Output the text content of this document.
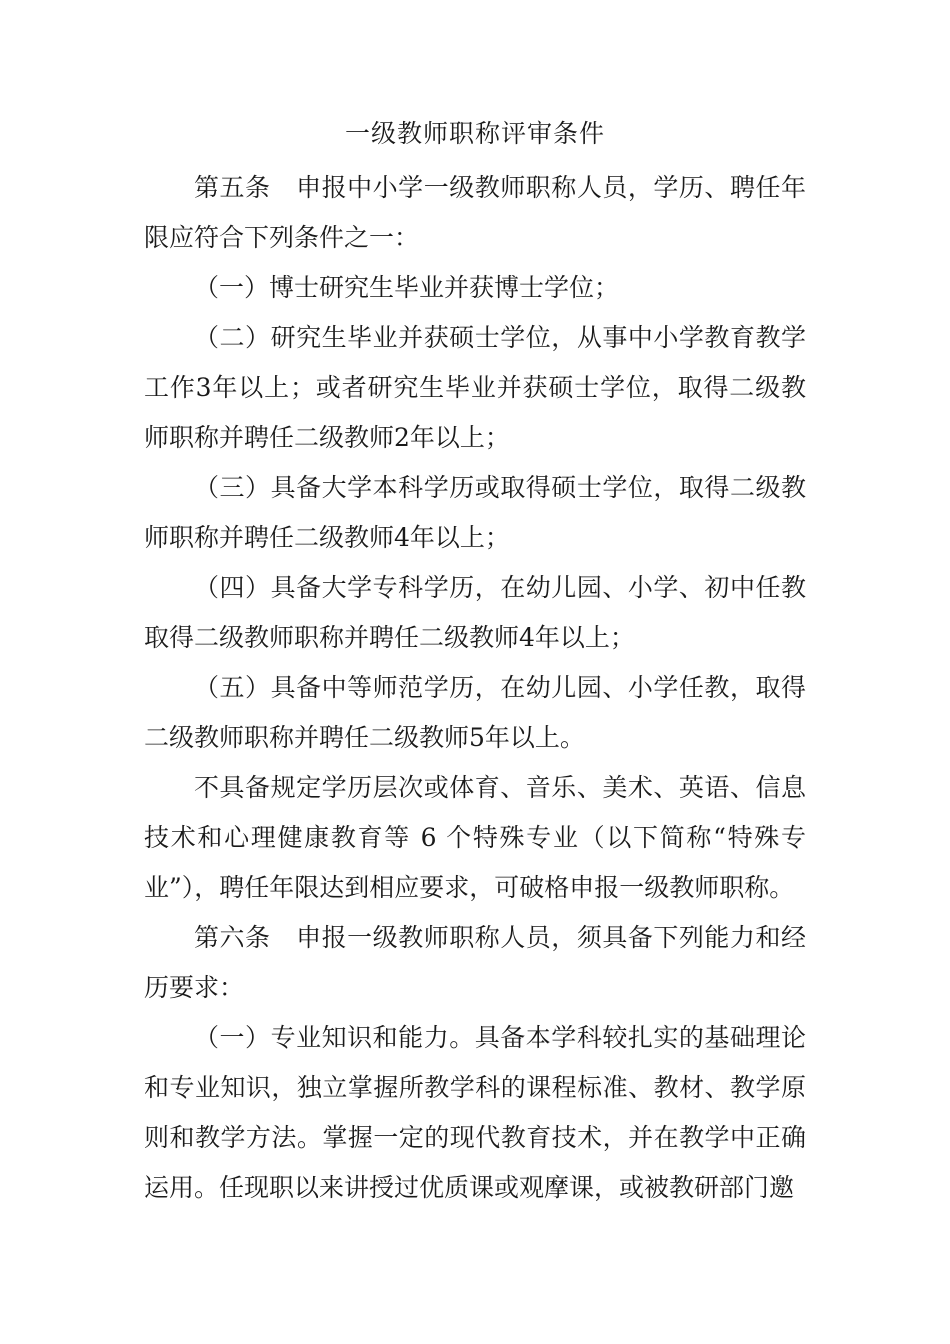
一级教师职称评审条件

第五条　申报中小学一级教师职称人员，学历、聘任年限应符合下列条件之一：

（一）博士研究生毕业并获博士学位；

（二）研究生毕业并获硕士学位，从事中小学教育教学工作3年以上；或者研究生毕业并获硕士学位，取得二级教师职称并聘任二级教师2年以上；

（三）具备大学本科学历或取得硕士学位，取得二级教师职称并聘任二级教师4年以上；

（四）具备大学专科学历，在幼儿园、小学、初中任教取得二级教师职称并聘任二级教师4年以上；

（五）具备中等师范学历，在幼儿园、小学任教，取得二级教师职称并聘任二级教师5年以上。

不具备规定学历层次或体育、音乐、美术、英语、信息技术和心理健康教育等 6 个特殊专业（以下简称“特殊专业”），聘任年限达到相应要求，可破格申报一级教师职称。

第六条　申报一级教师职称人员，须具备下列能力和经历要求：

（一）专业知识和能力。具备本学科较扎实的基础理论和专业知识，独立掌握所教学科的课程标准、教材、教学原则和教学方法。掌握一定的现代教育技术，并在教学中正确运用。任现职以来讲授过优质课或观摩课，或被教研部门邀
